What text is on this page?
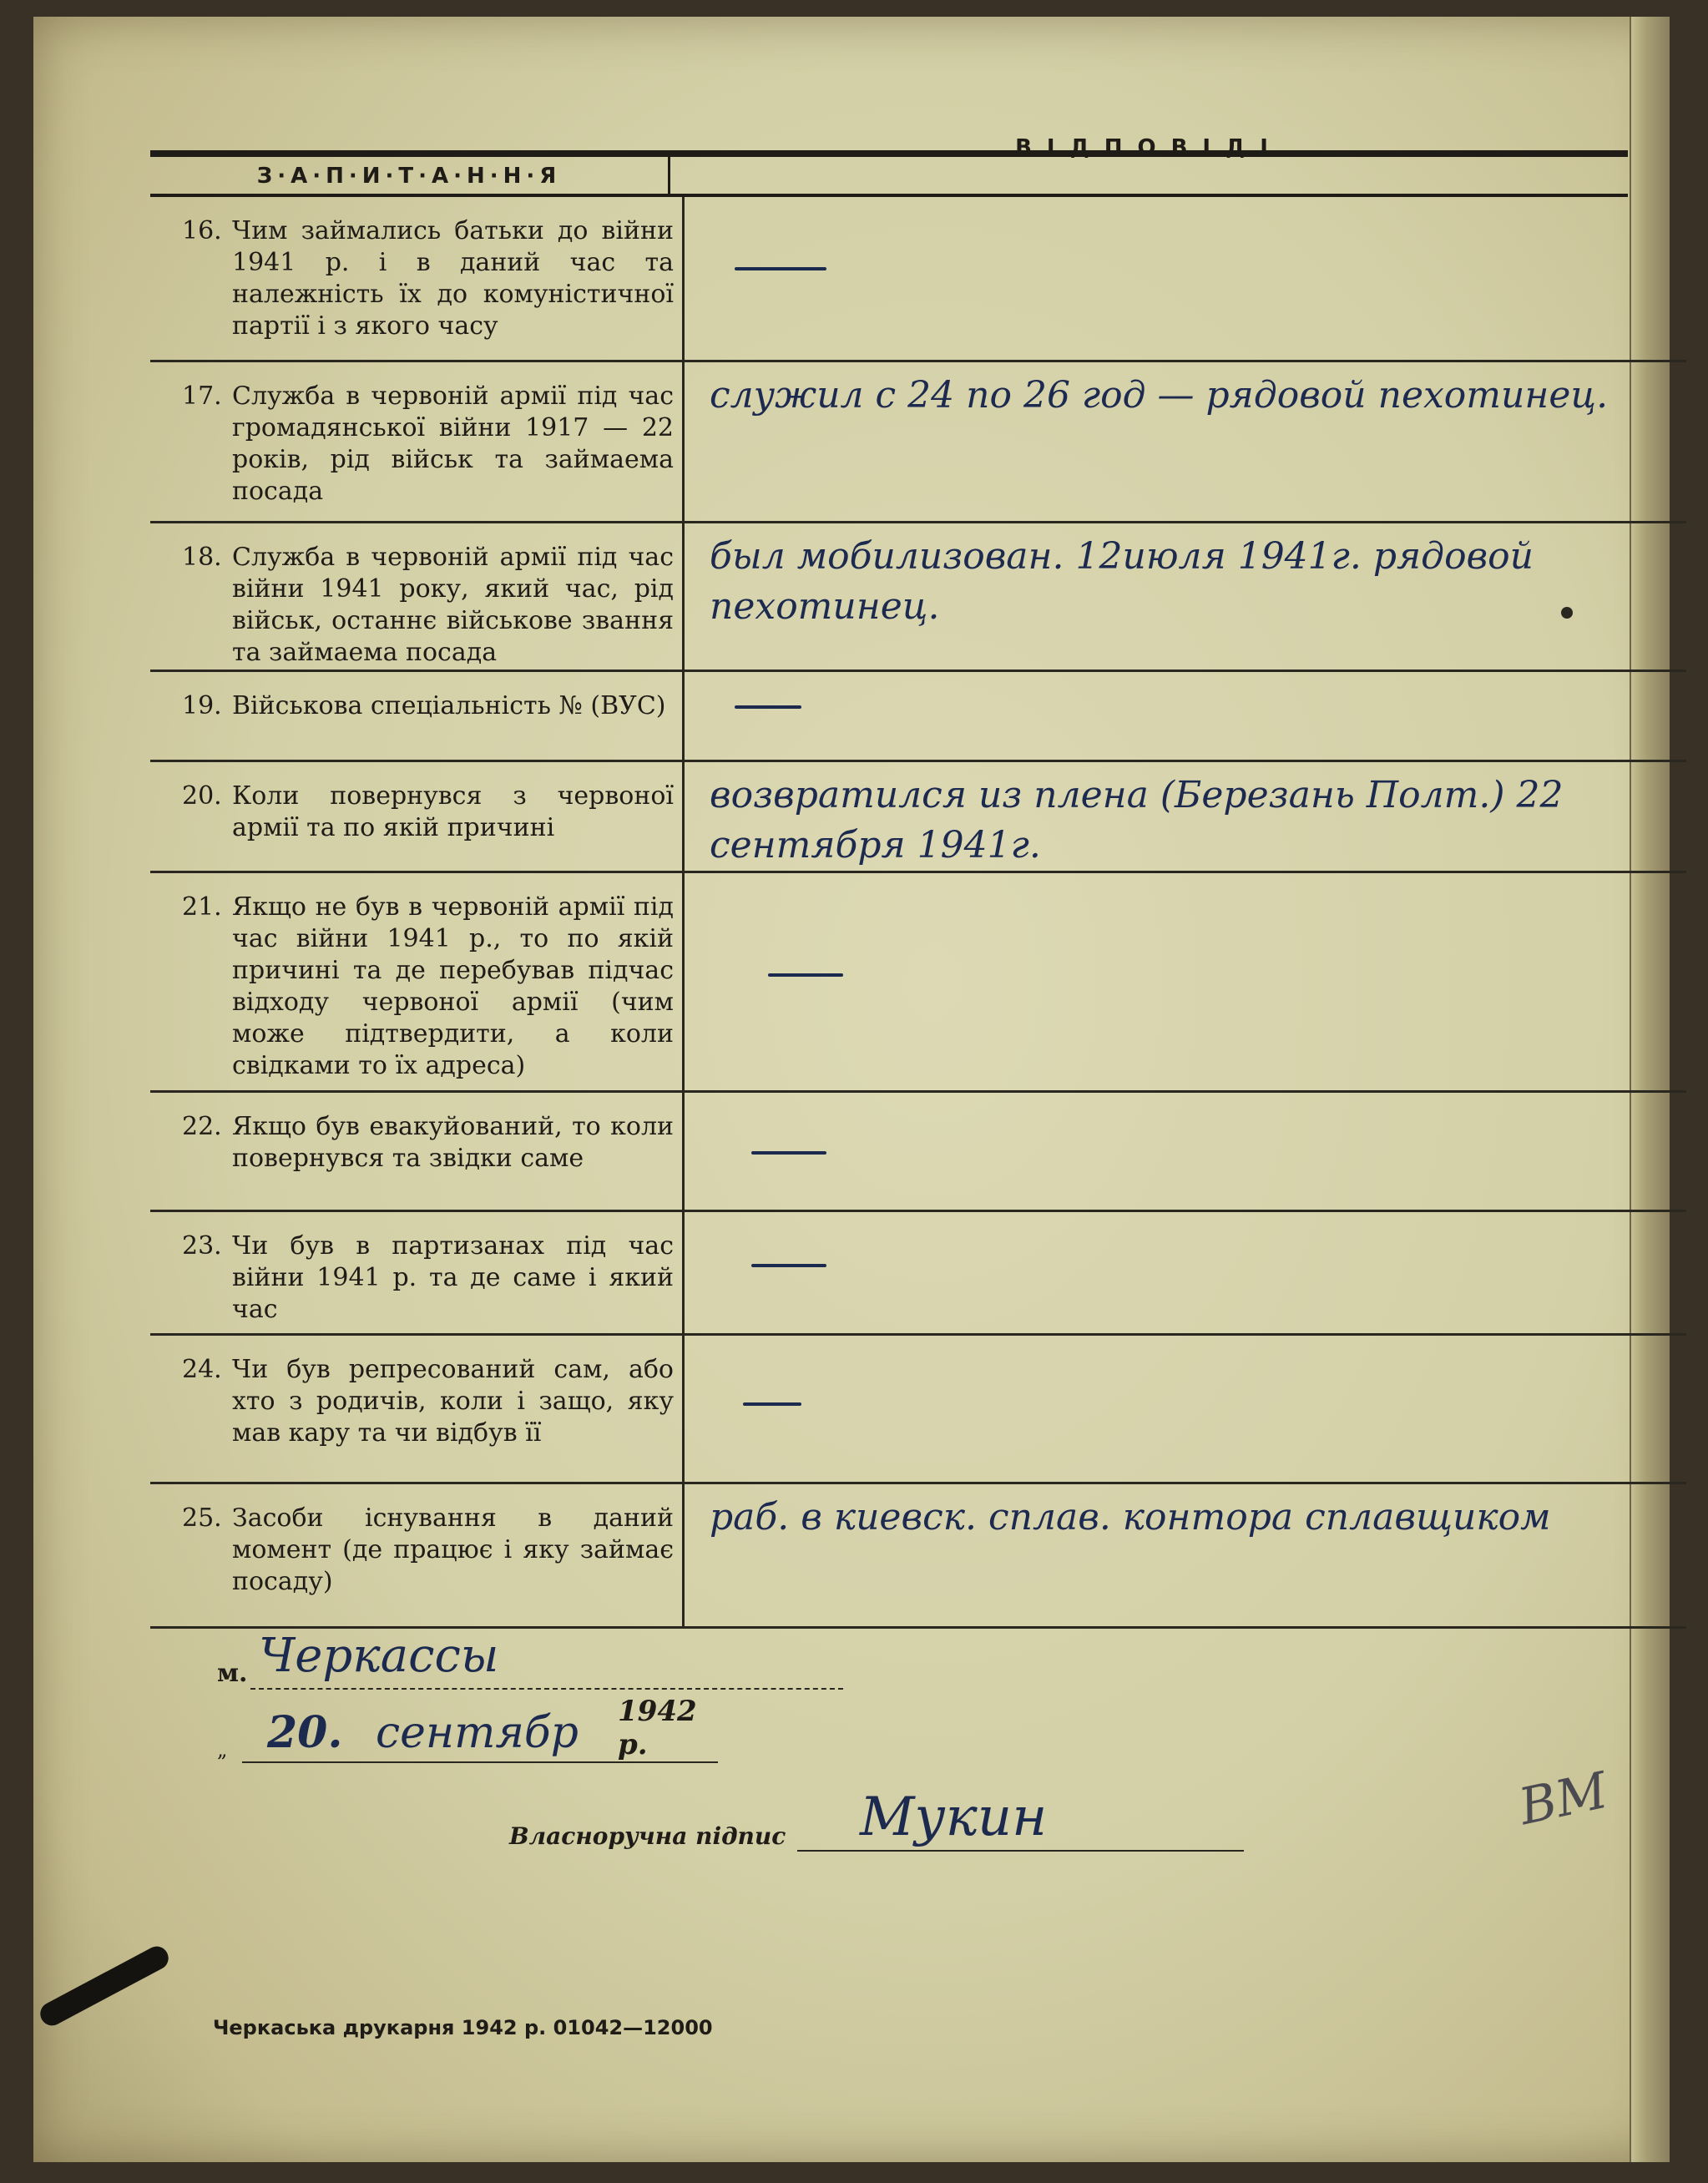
ВІДПОВІДІ
З·А·П·И·Т·А·Н·Н·Я
16. Чим займались батьки до війни 1941 р. і в даний час та належність їх до комуністичної партії і з якого часу
17. Служба в червоній армії під час громадянської війни 1917 — 22 років, рід військ та займаема посада
служил с 24 по 26 год — рядовой пехотинец.
18. Служба в червоній армії під час війни 1941 року, який час, рід військ, останнє військове звання та займаема посада
был мобилизован. 12июля 1941г. рядовой пехотинец.
19. Військова спеціальність № (ВУС)
20. Коли повернувся з червоної армії та по якій причині
возвратился из плена (Березань Полт.) 22 сентября 1941г.
21. Якщо не був в червоній армії під час війни 1941 р., то по якій причині та де перебував підчас відходу червоної армії (чим може підтвердити, а коли свідками то їх адреса)
22. Якщо був евакуйований, то коли повернувся та звідки саме
23. Чи був в партизанах під час війни 1941 р. та де саме і який час
24. Чи був репресований сам, або хто з родичів, коли і защо, яку мав кару та чи відбув її
25. Засоби існування в даний момент (де працює і яку займає посаду)
раб. в киевск. сплав. контора сплавщиком
м. Черкассы
„ 20. сентябр 1942 р.
Власноручна підпис Мукин	ВМ
Черкаська друкарня 1942 р. 01042—12000
